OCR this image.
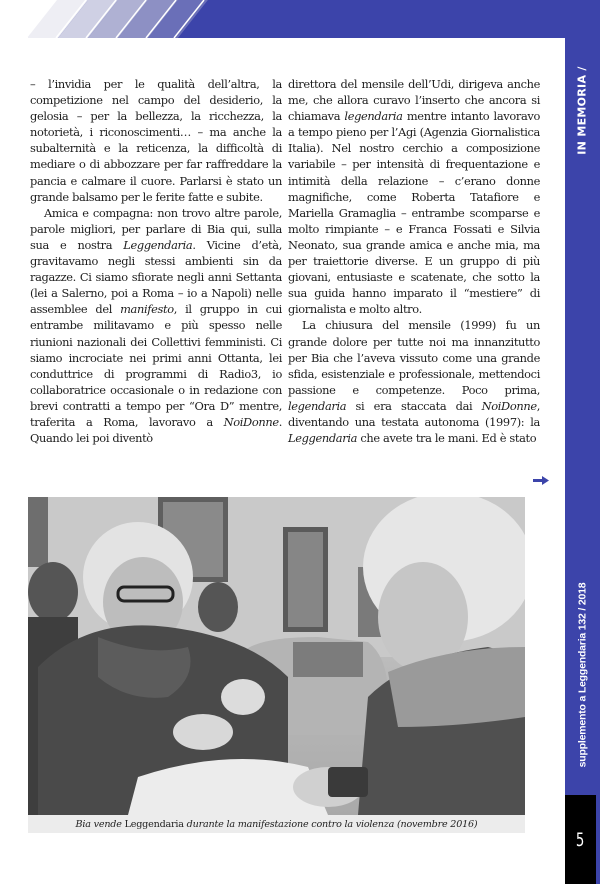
IN MEMORIA /
supplemento a Leggendaria 132 / 2018
5

– l’invidia per le qualità dell’altra, la competizione nel campo del desiderio, la gelosia – per la bellezza, la ricchezza, la notorietà, i riconoscimenti… – ma anche la subalternità e la reticenza, la difficoltà di mediare o di abbozzare per far raffreddare la pancia e calmare il cuore. Parlarsi è stato un grande balsamo per le ferite fatte e subite.

Amica e compagna: non trovo altre parole, parole migliori, per parlare di Bia qui, sulla sua e nostra Leggendaria. Vicine d’età, gravitavamo negli stessi ambienti sin da ragazze. Ci siamo sfiorate negli anni Settanta (lei a Salerno, poi a Roma – io a Napoli) nelle assemblee del manifesto, il gruppo in cui entrambe militavamo e più spesso nelle riunioni nazionali dei Collettivi femministi. Ci siamo incrociate nei primi anni Ottanta, lei conduttrice di programmi di Radio3, io collaboratrice occasionale o in redazione con brevi contratti a tempo per “Ora D” mentre, traferita a Roma, lavoravo a NoiDonne. Quando lei poi diventò

direttora del mensile dell’Udi, dirigeva anche me, che allora curavo l’inserto che ancora si chiamava legendaria mentre intanto lavoravo a tempo pieno per l’Agi (Agenzia Giornalistica Italia). Nel nostro cerchio a composizione variabile – per intensità di frequentazione e intimità della relazione – c’erano donne magnifiche, come Roberta Tatafiore e Mariella Gramaglia – entrambe scomparse e molto rimpiante – e Franca Fossati e Silvia Neonato, sua grande amica e anche mia, ma per traiettorie diverse. E un gruppo di più giovani, entusiaste e scatenate, che sotto la sua guida hanno imparato il “mestiere” di giornalista e molto altro.

La chiusura del mensile (1999) fu un grande dolore per tutte noi ma innanzitutto per Bia che l’aveva vissuto come una grande sfida, esistenziale e professionale, mettendoci passione e competenze. Poco prima, legendaria si era staccata dai NoiDonne, diventando una testata autonoma (1997): la Leggendaria che avete tra le mani. Ed è stato

Bia vende Leggendaria durante la manifestazione contro la violenza (novembre 2016)
